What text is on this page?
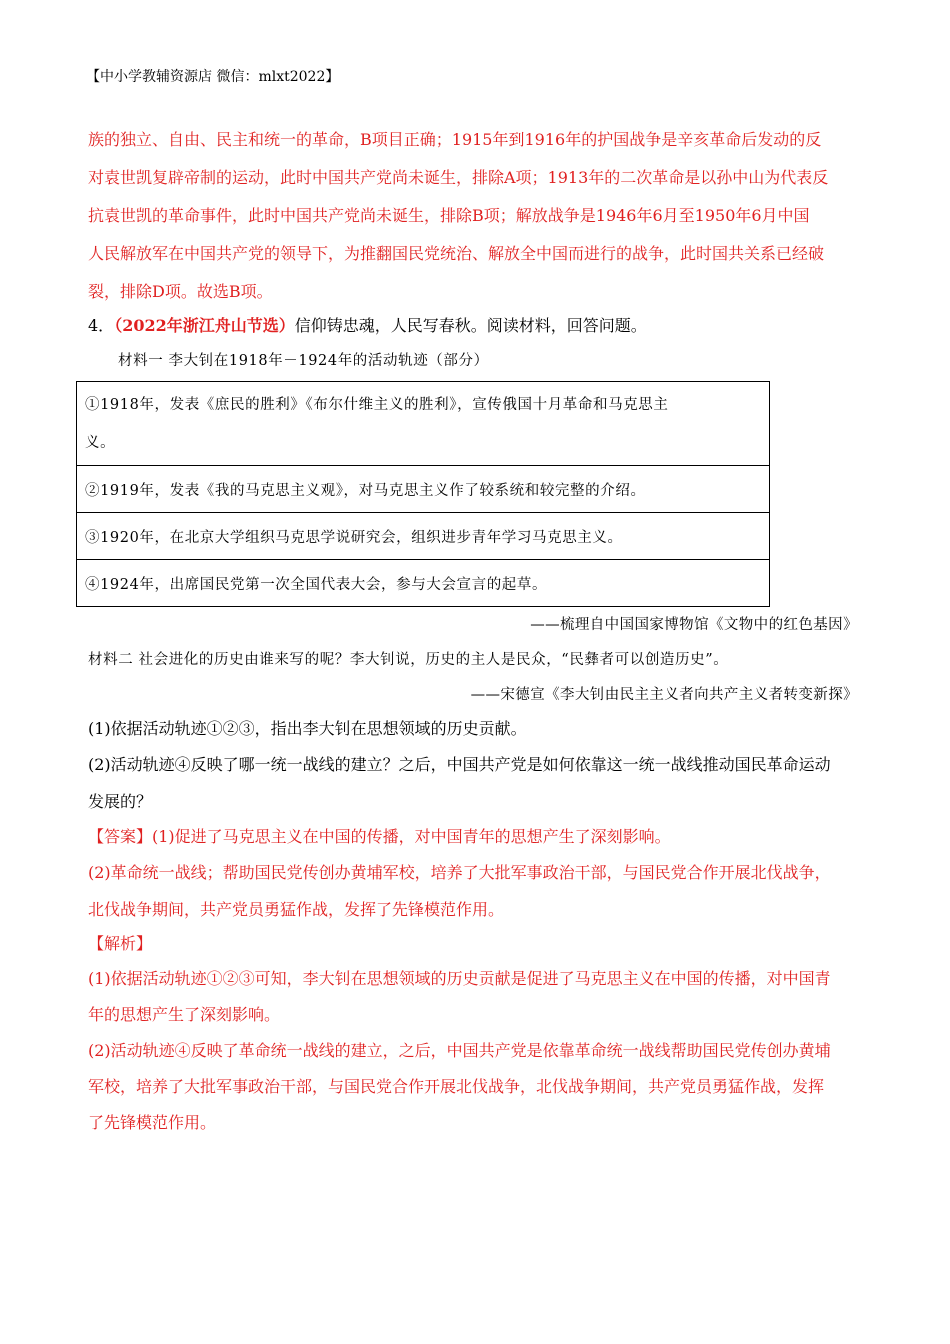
【中小学教辅资源店 微信：mlxt2022】
族的独立、自由、民主和统一的革命，B项目正确；1915年到1916年的护国战争是辛亥革命后发动的反
对袁世凯复辟帝制的运动，此时中国共产党尚未诞生，排除A项；1913年的二次革命是以孙中山为代表反
抗袁世凯的革命事件，此时中国共产党尚未诞生，排除B项；解放战争是1946年6月至1950年6月中国
人民解放军在中国共产党的领导下，为推翻国民党统治、解放全中国而进行的战争，此时国共关系已经破
裂，排除D项。故选B项。
4．（2022年浙江舟山节选）信仰铸忠魂，人民写春秋。阅读材料，回答问题。
材料一 李大钊在1918年－1924年的活动轨迹（部分）
①1918年，发表《庶民的胜利》《布尔什维主义的胜利》，宣传俄国十月革命和马克思主
义。

②1919年，发表《我的马克思主义观》，对马克思主义作了较系统和较完整的介绍。
③1920年，在北京大学组织马克思学说研究会，组织进步青年学习马克思主义。
④1924年，出席国民党第一次全国代表大会，参与大会宣言的起草。
——梳理自中国国家博物馆《文物中的红色基因》
材料二 社会进化的历史由谁来写的呢？李大钊说，历史的主人是民众，“民彝者可以创造历史”。
——宋德宣《李大钊由民主主义者向共产主义者转变新探》
(1)依据活动轨迹①②③，指出李大钊在思想领域的历史贡献。
(2)活动轨迹④反映了哪一统一战线的建立？之后，中国共产党是如何依靠这一统一战线推动国民革命运动
发展的？
【答案】(1)促进了马克思主义在中国的传播，对中国青年的思想产生了深刻影响。
(2)革命统一战线；帮助国民党传创办黄埔军校，培养了大批军事政治干部，与国民党合作开展北伐战争，
北伐战争期间，共产党员勇猛作战，发挥了先锋模范作用。
【解析】
(1)依据活动轨迹①②③可知，李大钊在思想领域的历史贡献是促进了马克思主义在中国的传播，对中国青
年的思想产生了深刻影响。
(2)活动轨迹④反映了革命统一战线的建立，之后，中国共产党是依靠革命统一战线帮助国民党传创办黄埔
军校，培养了大批军事政治干部，与国民党合作开展北伐战争，北伐战争期间，共产党员勇猛作战，发挥
了先锋模范作用。
